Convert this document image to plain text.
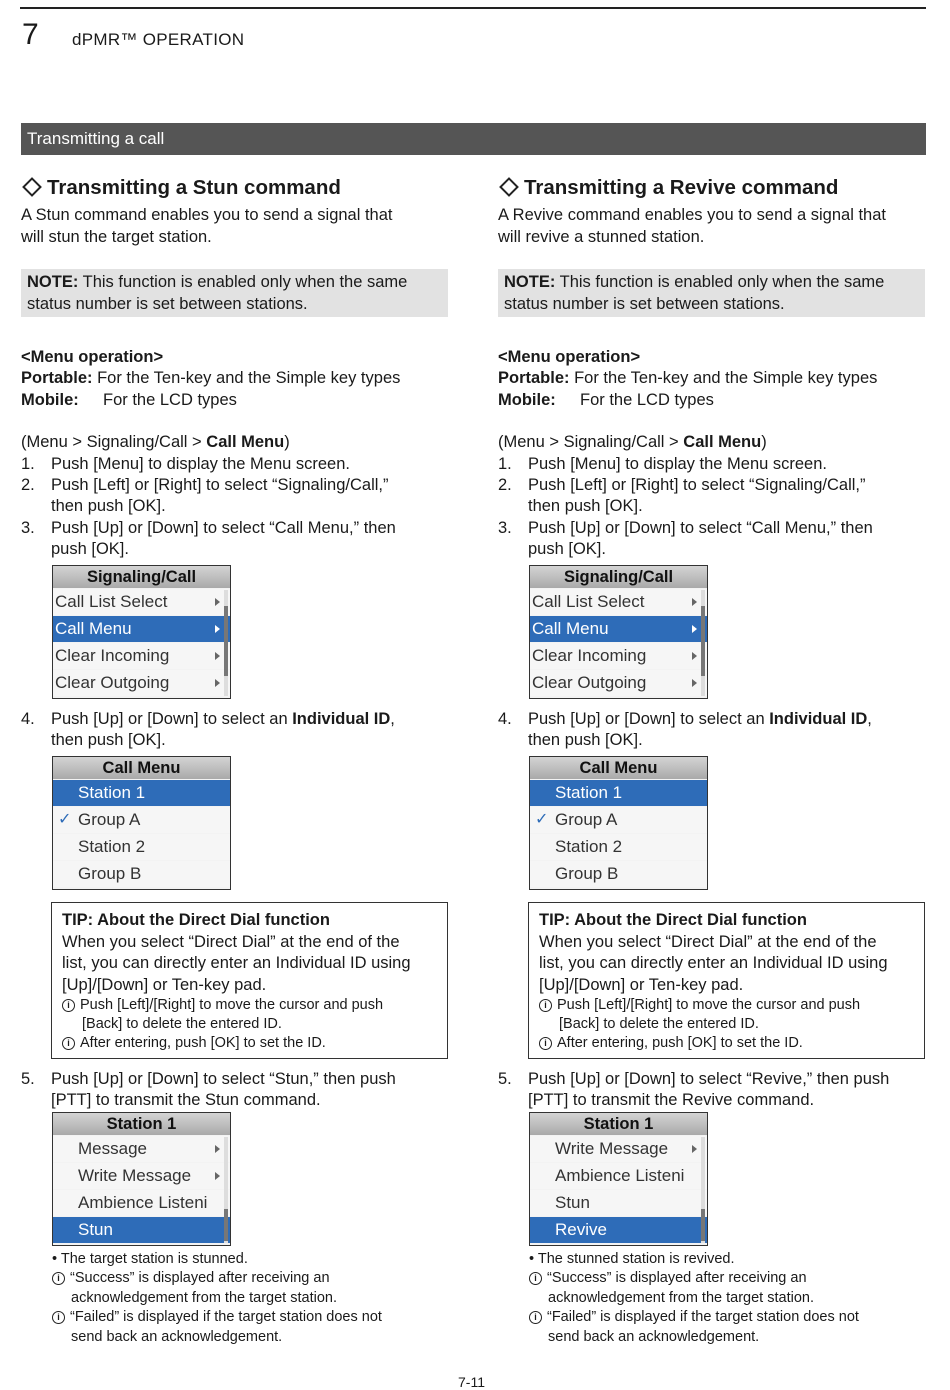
7 dPMR™ OPERATION
Transmitting a call
Transmitting a Stun command
A Stun command enables you to send a signal that
will stun the target station.
NOTE: This function is enabled only when the same
status number is set between stations.
<Menu operation>
Portable: For the Ten-key and the Simple key types
Mobile: For the LCD types
(Menu > Signaling/Call > Call Menu)
1. Push [Menu] to display the Menu screen.
2. Push [Left] or [Right] to select “Signaling/Call,”
then push [OK].
3. Push [Up] or [Down] to select “Call Menu,” then
push [OK].
Signaling/Call
Call List Select
Call Menu
Clear Incoming
Clear Outgoing
4. Push [Up] or [Down] to select an Individual ID,
then push [OK].
Call Menu
Station 1
✓ Group A
Station 2
Group B
TIP: About the Direct Dial function
When you select “Direct Dial” at the end of the
list, you can directly enter an Individual ID using
[Up]/[Down] or Ten-key pad.
i Push [Left]/[Right] to move the cursor and push
[Back] to delete the entered ID.
i After entering, push [OK] to set the ID.
5. Push [Up] or [Down] to select “Stun,” then push
[PTT] to transmit the Stun command.
Station 1
Message
Write Message
Ambience Listeni
Stun
• The target station is stunned.
i “Success” is displayed after receiving an
acknowledgement from the target station.
i “Failed” is displayed if the target station does not
send back an acknowledgement.
Transmitting a Revive command
A Revive command enables you to send a signal that
will revive a stunned station.
NOTE: This function is enabled only when the same
status number is set between stations.
<Menu operation>
Portable: For the Ten-key and the Simple key types
Mobile: For the LCD types
(Menu > Signaling/Call > Call Menu)
1. Push [Menu] to display the Menu screen.
2. Push [Left] or [Right] to select “Signaling/Call,”
then push [OK].
3. Push [Up] or [Down] to select “Call Menu,” then
push [OK].
Signaling/Call
Call List Select
Call Menu
Clear Incoming
Clear Outgoing
4. Push [Up] or [Down] to select an Individual ID,
then push [OK].
Call Menu
Station 1
✓ Group A
Station 2
Group B
TIP: About the Direct Dial function
When you select “Direct Dial” at the end of the
list, you can directly enter an Individual ID using
[Up]/[Down] or Ten-key pad.
i Push [Left]/[Right] to move the cursor and push
[Back] to delete the entered ID.
i After entering, push [OK] to set the ID.
5. Push [Up] or [Down] to select “Revive,” then push
[PTT] to transmit the Revive command.
Station 1
Write Message
Ambience Listeni
Stun
Revive
• The stunned station is revived.
i “Success” is displayed after receiving an
acknowledgement from the target station.
i “Failed” is displayed if the target station does not
send back an acknowledgement.
7-11
